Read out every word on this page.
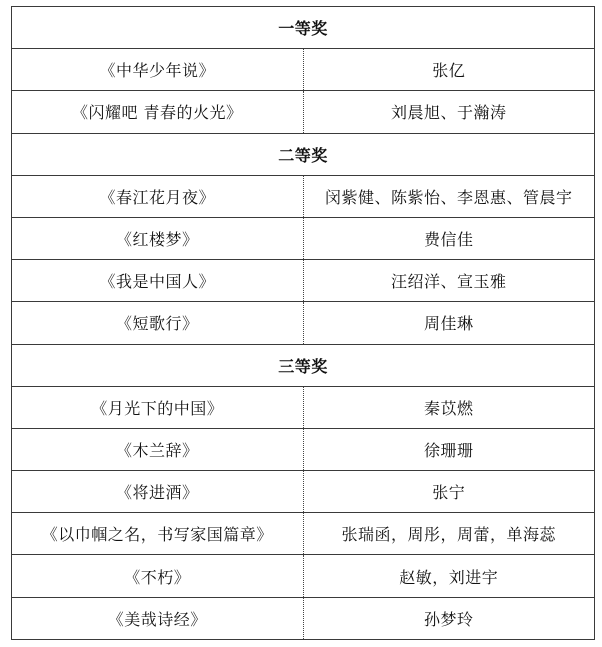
一等奖	
《中华少年说》	张亿
《闪耀吧 青春的火光》	刘晨旭、于瀚涛
二等奖	
《春江花月夜》	闵紫健、陈紫怡、李恩惠、管晨宇
《红楼梦》	费信佳
《我是中国人》	汪绍洋、宣玉雅
《短歌行》	周佳琳
三等奖	
《月光下的中国》	秦苡燃
《木兰辞》	徐珊珊
《将进酒》	张宁
《以巾帼之名，书写家国篇章》	张瑞函，周彤，周蕾，单海蕊
《不朽》	赵敏，刘进宇
《美哉诗经》	孙梦玲
